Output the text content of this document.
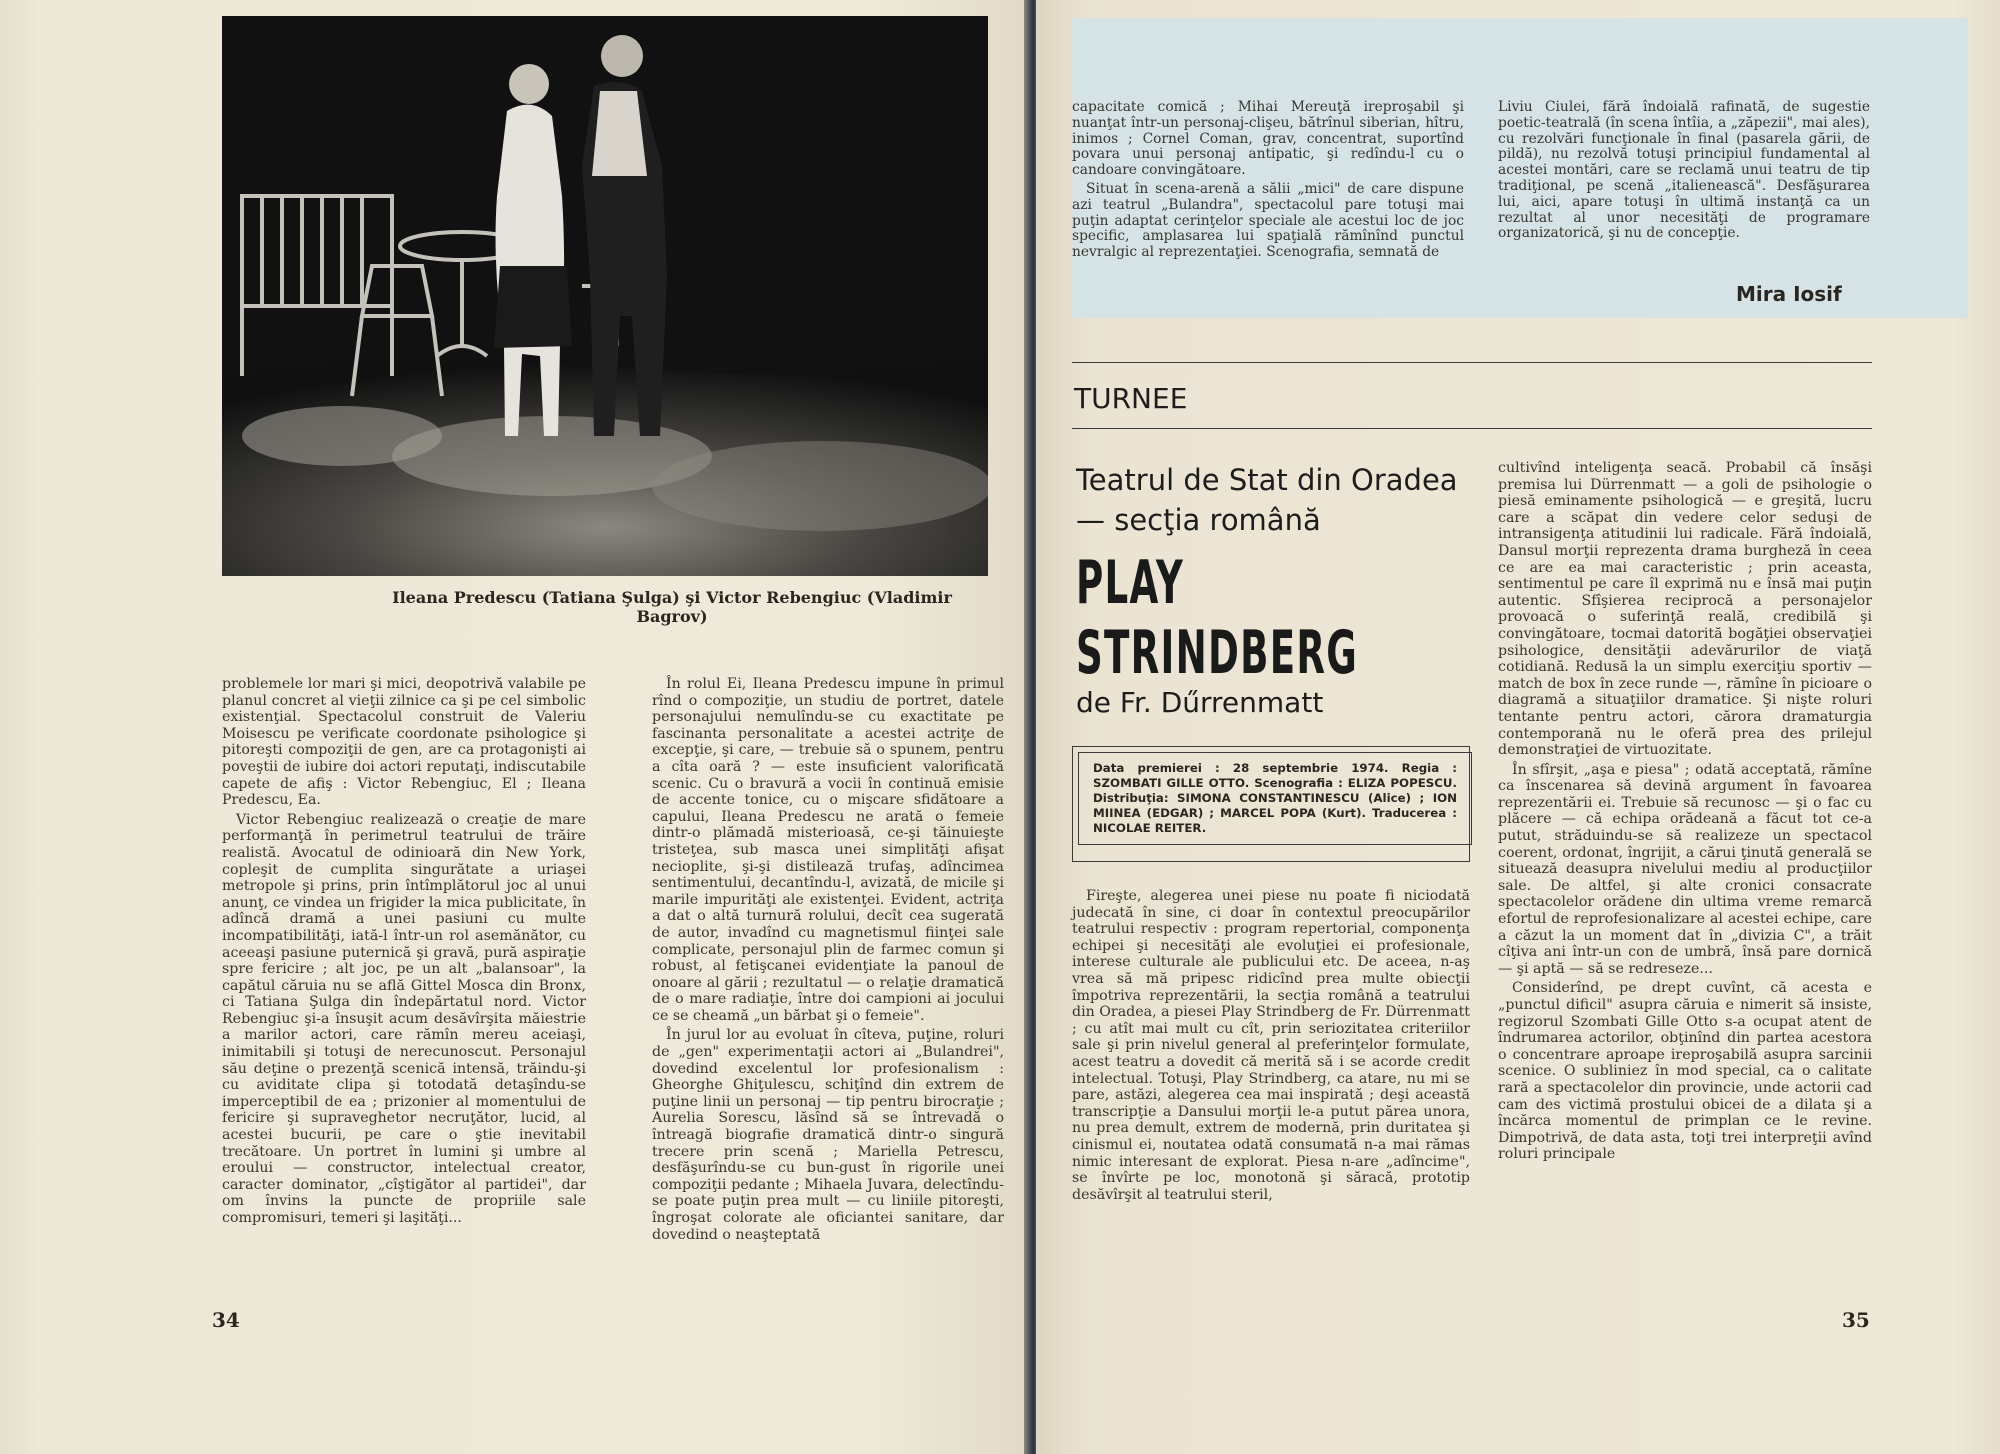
Ileana Predescu (Tatiana Şulga) şi Victor Rebengiuc (Vladimir Bagrov)

problemele lor mari şi mici, deopotrivă valabile pe planul concret al vieţii zilnice ca şi pe cel simbolic existenţial. Spectacolul construit de Valeriu Moisescu pe verificate coordonate psihologice şi pitoreşti compoziţii de gen, are ca protagonişti ai poveştii de iubire doi actori reputaţi, indiscutabile capete de afiş : Victor Rebengiuc, El ; Ileana Predescu, Ea.

Victor Rebengiuc realizează o creaţie de mare performanţă în perimetrul teatrului de trăire realistă. Avocatul de odinioară din New York, copleşit de cumplita singurătate a uriaşei metropole şi prins, prin întîmplătorul joc al unui anunţ, ce vindea un frigider la mica publicitate, în adîncă dramă a unei pasiuni cu multe incompatibilităţi, iată-l într-un rol asemănător, cu aceeaşi pasiune puternică şi gravă, pură aspiraţie spre fericire ; alt joc, pe un alt „balansoar", la capătul căruia nu se află Gittel Mosca din Bronx, ci Tatiana Şulga din îndepărtatul nord. Victor Rebengiuc şi-a însuşit acum desăvîrşita măiestrie a marilor actori, care rămîn mereu aceiaşi, inimitabili şi totuşi de nerecunoscut. Personajul său deţine o prezenţă scenică intensă, trăindu-şi cu aviditate clipa şi totodată detaşîndu-se imperceptibil de ea ; prizonier al momentului de fericire şi supraveghetor necruţător, lucid, al acestei bucurii, pe care o ştie inevitabil trecătoare. Un portret în lumini şi umbre al eroului — constructor, intelectual creator, caracter dominator, „cîştigător al partidei", dar om învins la puncte de propriile sale compromisuri, temeri şi laşităţi...

În rolul Ei, Ileana Predescu impune în primul rînd o compoziţie, un studiu de portret, datele personajului nemulîndu-se cu exactitate pe fascinanta personalitate a acestei actriţe de excepţie, şi care, — trebuie să o spunem, pentru a cîta oară ? — este insuficient valorificată scenic. Cu o bravură a vocii în continuă emisie de accente tonice, cu o mişcare sfidătoare a capului, Ileana Predescu ne arată o femeie dintr-o plămadă misterioasă, ce-şi tăinuieşte tristeţea, sub masca unei simplităţi afişat necioplite, şi-şi distilează trufaş, adîncimea sentimentului, decantîndu-l, avizată, de micile şi marile impurităţi ale existenţei. Evident, actriţa a dat o altă turnură rolului, decît cea sugerată de autor, invadînd cu magnetismul fiinţei sale complicate, personajul plin de farmec comun şi robust, al fetişcanei evidenţiate la panoul de onoare al gării ; rezultatul — o relaţie dramatică de o mare radiaţie, între doi campioni ai jocului ce se cheamă „un bărbat şi o femeie".

În jurul lor au evoluat în cîteva, puţine, roluri de „gen" experimentaţii actori ai „Bulandrei", dovedind excelentul lor profesionalism : Gheorghe Ghiţulescu, schiţînd din extrem de puţine linii un personaj — tip pentru birocraţie ; Aurelia Sorescu, lăsînd să se întrevadă o întreagă biografie dramatică dintr-o singură trecere prin scenă ; Mariella Petrescu, desfăşurîndu-se cu bun-gust în rigorile unei compoziţii pedante ; Mihaela Juvara, delectîndu-se poate puţin prea mult — cu liniile pitoreşti, îngroşat colorate ale oficiantei sanitare, dar dovedind o neaşteptată

34

capacitate comică ; Mihai Mereuţă ireproşabil şi nuanţat într-un personaj-clişeu, bătrînul siberian, hîtru, inimos ; Cornel Coman, grav, concentrat, suportînd povara unui personaj antipatic, şi redîndu-l cu o candoare convingătoare.

Situat în scena-arenă a sălii „mici" de care dispune azi teatrul „Bulandra", spectacolul pare totuşi mai puţin adaptat cerinţelor speciale ale acestui loc de joc specific, amplasarea lui spaţială rămînînd punctul nevralgic al reprezentaţiei. Scenografia, semnată de

Liviu Ciulei, fără îndoială rafinată, de sugestie poetic-teatrală (în scena întîia, a „zăpezii", mai ales), cu rezolvări funcţionale în final (pasarela gării, de pildă), nu rezolvă totuşi principiul fundamental al acestei montări, care se reclamă unui teatru de tip tradiţional, pe scenă „italienească". Desfăşurarea lui, aici, apare totuşi în ultimă instanţă ca un rezultat al unor necesităţi de programare organizatorică, şi nu de concepţie.

Mira Iosif
TURNEE
Teatrul de Stat din Oradea
— secţia română
PLAY
STRINDBERG
de Fr. Dűrrenmatt
Data premierei : 28 septembrie 1974. Regia : SZOMBATI GILLE OTTO. Scenografia : ELIZA POPESCU. Distribuţia: SIMONA CONSTANTINESCU (Alice) ; ION MIINEA (EDGAR) ; MARCEL POPA (Kurt). Traducerea : NICOLAE REITER.

Fireşte, alegerea unei piese nu poate fi niciodată judecată în sine, ci doar în contextul preocupărilor teatrului respectiv : program repertorial, componenţa echipei şi necesităţi ale evoluţiei ei profesionale, interese culturale ale publicului etc. De aceea, n-aş vrea să mă pripesc ridicînd prea multe obiecţii împotriva reprezentării, la secţia română a teatrului din Oradea, a piesei Play Strindberg de Fr. Dürrenmatt ; cu atît mai mult cu cît, prin seriozitatea criteriilor sale şi prin nivelul general al preferinţelor formulate, acest teatru a dovedit că merită să i se acorde credit intelectual. Totuşi, Play Strindberg, ca atare, nu mi se pare, astăzi, alegerea cea mai inspirată ; deşi această transcripţie a Dansului morţii le-a putut părea unora, nu prea demult, extrem de modernă, prin duritatea şi cinismul ei, noutatea odată consumată n-a mai rămas nimic interesant de explorat. Piesa n-are „adîncime", se învîrte pe loc, monotonă şi săracă, prototip desăvîrşit al teatrului steril,

cultivînd inteligenţa seacă. Probabil că însăşi premisa lui Dürrenmatt — a goli de psihologie o piesă eminamente psihologică — e greşită, lucru care a scăpat din vedere celor seduşi de intransigenţa atitudinii lui radicale. Fără îndoială, Dansul morţii reprezenta drama burgheză în ceea ce are ea mai caracteristic ; prin aceasta, sentimentul pe care îl exprimă nu e însă mai puţin autentic. Sfîşierea reciprocă a personajelor provoacă o suferinţă reală, credibilă şi convingătoare, tocmai datorită bogăţiei observaţiei psihologice, densităţii adevărurilor de viaţă cotidiană. Redusă la un simplu exerciţiu sportiv — match de box în zece runde —, rămîne în picioare o diagramă a situaţiilor dramatice. Şi nişte roluri tentante pentru actori, cărora dramaturgia contemporană nu le oferă prea des prilejul demonstraţiei de virtuozitate.

În sfîrşit, „aşa e piesa" ; odată acceptată, rămîne ca înscenarea să devină argument în favoarea reprezentării ei. Trebuie să recunosc — şi o fac cu plăcere — că echipa orădeană a făcut tot ce-a putut, străduindu-se să realizeze un spectacol coerent, ordonat, îngrijit, a cărui ţinută generală se situează deasupra nivelului mediu al producţiilor sale. De altfel, şi alte cronici consacrate spectacolelor orădene din ultima vreme remarcă efortul de reprofesionalizare al acestei echipe, care a căzut la un moment dat în „divizia C", a trăit cîţiva ani într-un con de umbră, însă pare dornică — şi aptă — să se redreseze...

Considerînd, pe drept cuvînt, că acesta e „punctul dificil" asupra căruia e nimerit să insiste, regizorul Szombati Gille Otto s-a ocupat atent de îndrumarea actorilor, obţinînd din partea acestora o concentrare aproape ireproşabilă asupra sarcinii scenice. O subliniez în mod special, ca o calitate rară a spectacolelor din provincie, unde actorii cad cam des victimă prostului obicei de a dilata şi a încărca momentul de primplan ce le revine. Dimpotrivă, de data asta, toţi trei interpreţii avînd roluri principale

35
